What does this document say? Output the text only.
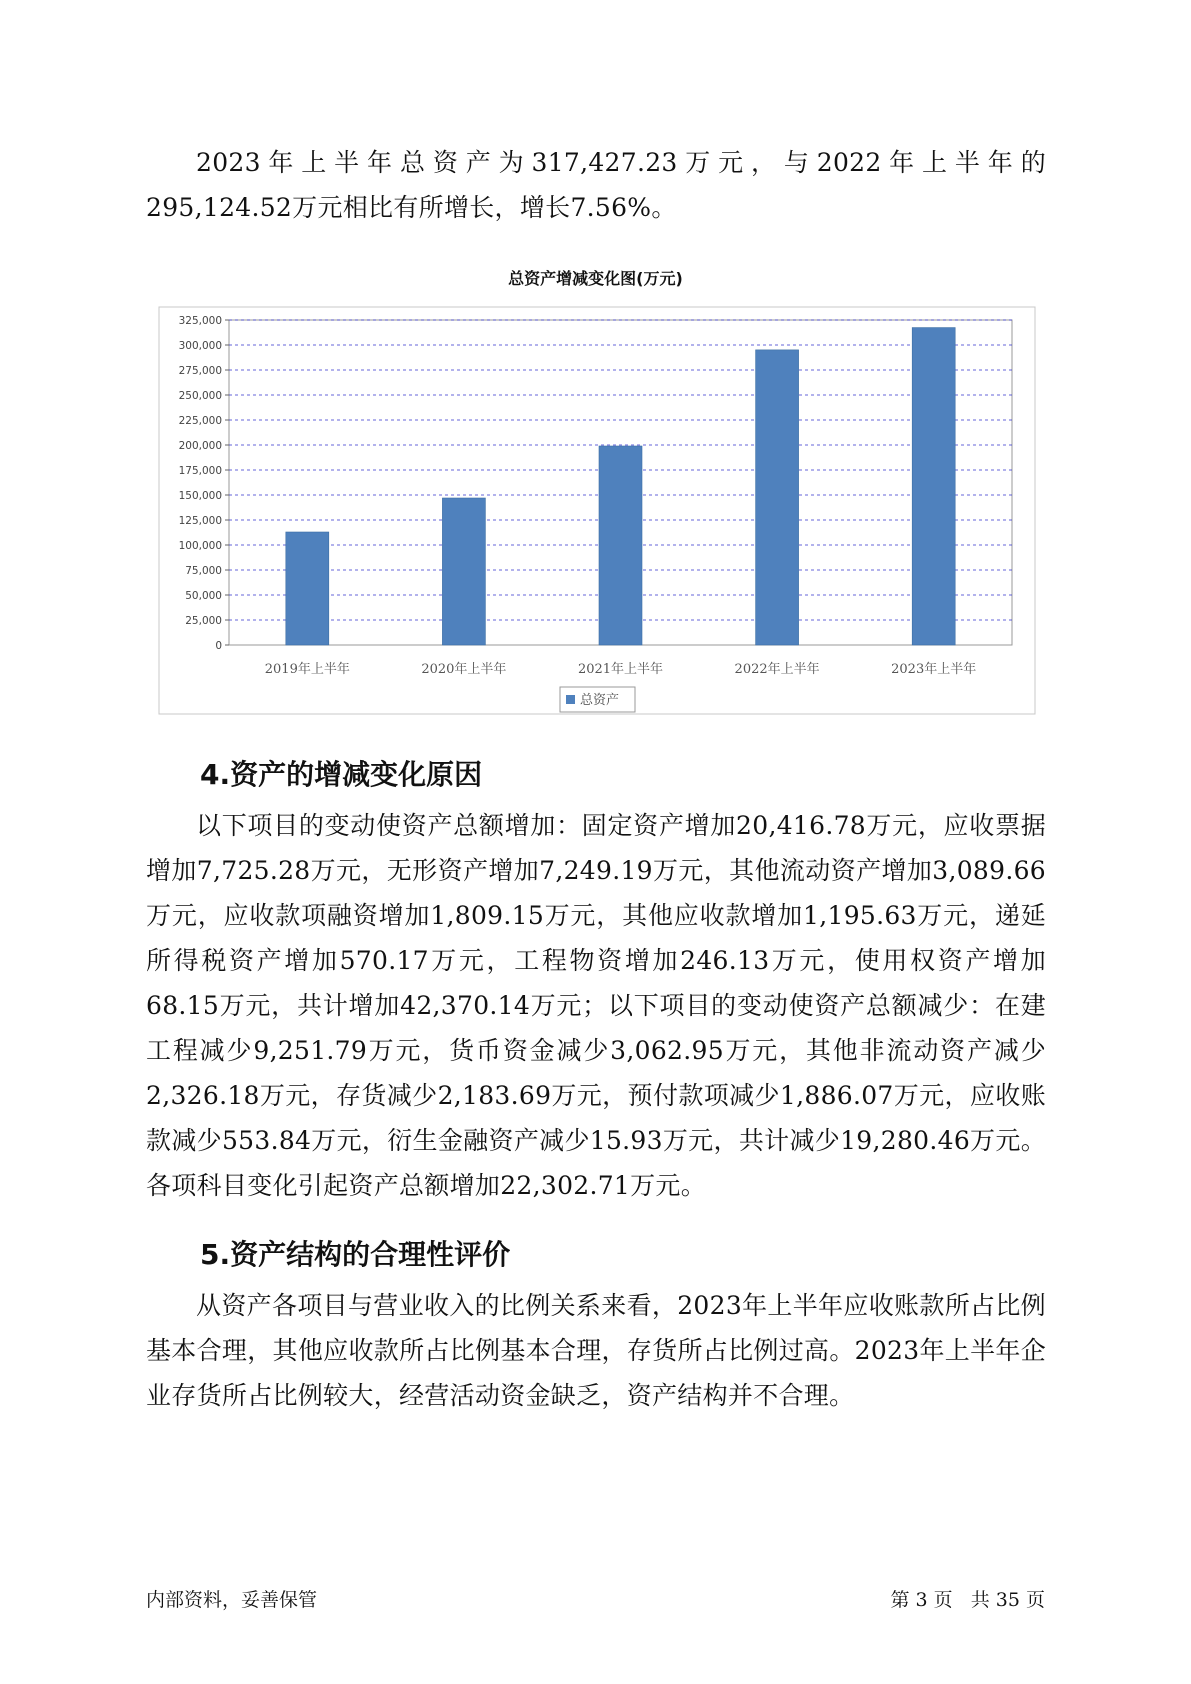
2023年上半年总资产为317,427.23万元，与2022年上半年的295,124.52万元相比有所增长，增长7.56%。
总资产增减变化图(万元)
0
25,000
50,000
75,000
100,000
125,000
150,000
175,000
200,000
225,000
250,000
275,000
300,000
325,000
2019年上半年	2020年上半年	2021年上半年	2022年上半年	2023年上半年
总资产
4.资产的增减变化原因
以下项目的变动使资产总额增加：固定资产增加20,416.78万元，应收票据增加7,725.28万元，无形资产增加7,249.19万元，其他流动资产增加3,089.66万元，应收款项融资增加1,809.15万元，其他应收款增加1,195.63万元，递延所得税资产增加570.17万元，工程物资增加246.13万元，使用权资产增加68.15万元，共计增加42,370.14万元；以下项目的变动使资产总额减少：在建工程减少9,251.79万元，货币资金减少3,062.95万元，其他非流动资产减少2,326.18万元，存货减少2,183.69万元，预付款项减少1,886.07万元，应收账款减少553.84万元，衍生金融资产减少15.93万元，共计减少19,280.46万元。各项科目变化引起资产总额增加22,302.71万元。
5.资产结构的合理性评价
从资产各项目与营业收入的比例关系来看，2023年上半年应收账款所占比例基本合理，其他应收款所占比例基本合理，存货所占比例过高。2023年上半年企业存货所占比例较大，经营活动资金缺乏，资产结构并不合理。
内部资料，妥善保管	第 3 页   共 35 页
